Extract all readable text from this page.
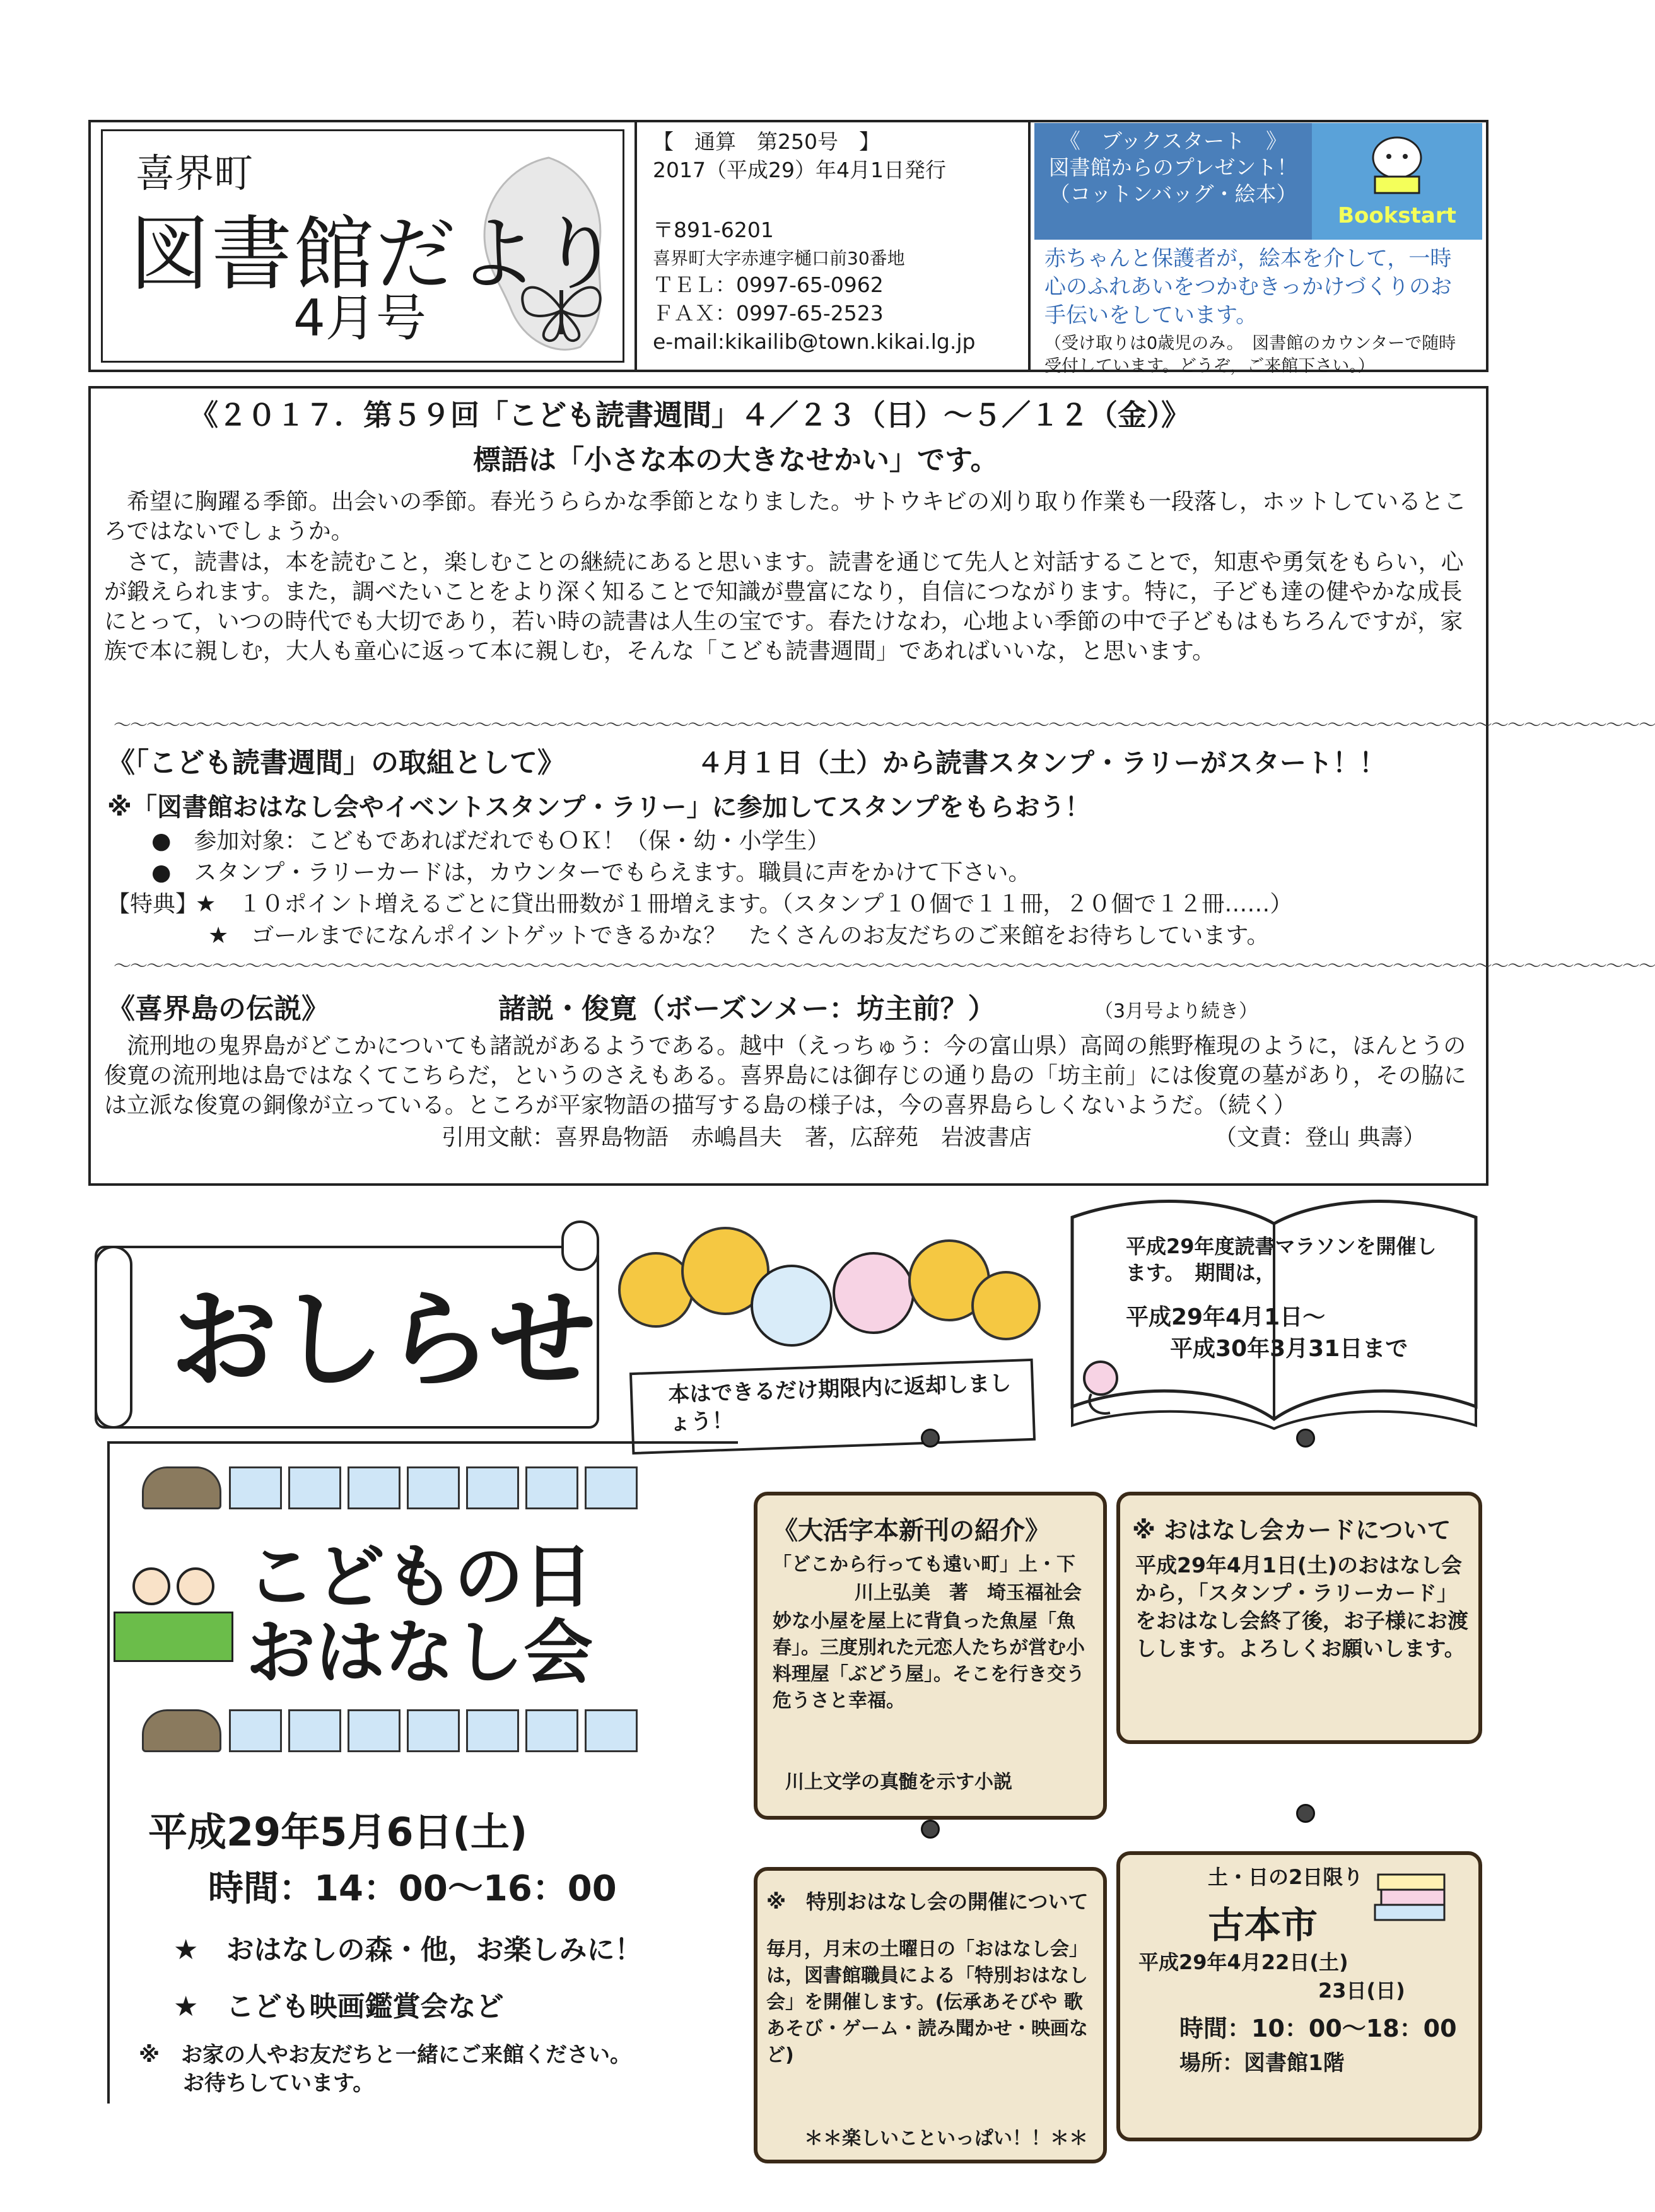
喜界町
図書館だより
4月号
【　通算　第250号　】
2017（平成29）年4月1日発行
〒891-6201
喜界町大字赤連字樋口前30番地
ＴＥＬ：0997-65-0962
ＦＡＸ：0997-65-2523
e-mail:kikailib@town.kikai.lg.jp
《　ブックスタート　》
図書館からのプレゼント！
（コットンバッグ・絵本）
Bookstart
赤ちゃんと保護者が，絵本を介して，一時心のふれあいをつかむきっかけづくりのお手伝いをしています。
（受け取りは0歳児のみ。　図書館のカウンターで随時受付しています。どうぞ，ご来館下さい。）
《２０１７．第５９回「こども読書週間」４／２３（日）～５／１２（金）》
標語は「小さな本の大きなせかい」です。
　希望に胸躍る季節。出会いの季節。春光うららかな季節となりました。サトウキビの刈り取り作業も一段落し，ホットしているところではないでしょうか。
　さて，読書は，本を読むこと，楽しむことの継続にあると思います。読書を通じて先人と対話することで，知恵や勇気をもらい，心が鍛えられます。また，調べたいことをより深く知ることで知識が豊富になり，自信につながります。特に，子ども達の健やかな成長にとって，いつの時代でも大切であり，若い時の読書は人生の宝です。春たけなわ，心地よい季節の中で子どもはもちろんですが，家族で本に親しむ，大人も童心に返って本に親しむ，そんな「こども読書週間」であればいいな，と思います。
～～～～～～～～～～～～～～～～～～～～～～～～～～～～～～～～～～～～～～～～～～～～～～～～～～～～～～～～～～～～～～～～～～～～～～～～～～～～～～～～～～～～～～～～～～～～～～
《「こども読書週間」の取組として》	４月１日（土）から読書スタンプ・ラリーがスタート！！
※「図書館おはなし会やイベントスタンプ・ラリー」に参加してスタンプをもらおう！
●　参加対象：こどもであればだれでもＯＫ！（保・幼・小学生）
●　スタンプ・ラリーカードは，カウンターでもらえます。職員に声をかけて下さい。
【特典】
★　１０ポイント増えるごとに貸出冊数が１冊増えます。（スタンプ１０個で１１冊，２０個で１２冊……）
★　ゴールまでになんポイントゲットできるかな？　たくさんのお友だちのご来館をお待ちしています。
～～～～～～～～～～～～～～～～～～～～～～～～～～～～～～～～～～～～～～～～～～～～～～～～～～～～～～～～～～～～～～～～～～～～～～～～～～～～～～～～～～～～～～～～～～～～～～
《喜界島の伝説》	諸説・俊寛（ボーズンメー：坊主前？）	（3月号より続き）
　流刑地の鬼界島がどこかについても諸説があるようである。越中（えっちゅう：今の富山県）高岡の熊野権現のように，ほんとうの俊寛の流刑地は島ではなくてこちらだ，というのさえもある。喜界島には御存じの通り島の「坊主前」には俊寛の墓があり，その脇には立派な俊寛の銅像が立っている。ところが平家物語の描写する島の様子は，今の喜界島らしくないようだ。（続く）
引用文献：喜界島物語　赤嶋昌夫　著，広辞苑　岩波書店	（文責：登山 典壽）
おしらせ	本はできるだけ期限内に返却しましょう！
平成29年度読書マラソンを開催します。　期間は，
平成29年4月1日～
平成30年3月31日まで
こどもの日
おはなし会
平成29年5月6日(土)
時間：14：00～16：00
★　おはなしの森・他，お楽しみに！
★　こども映画鑑賞会など
※　お家の人やお友だちと一緒にご来館ください。
お待ちしています。
《大活字本新刊の紹介》
「どこから行っても遠い町」上・下
川上弘美　著　埼玉福祉会
妙な小屋を屋上に背負った魚屋「魚春」。三度別れた元恋人たちが営む小料理屋「ぶどう屋」。そこを行き交う危うさと幸福。
川上文学の真髄を示す小説
※ おはなし会カードについて
平成29年4月1日(土)のおはなし会から，「スタンプ・ラリーカード」をおはなし会終了後，お子様にお渡しします。よろしくお願いします。
※　特別おはなし会の開催について
毎月，月末の土曜日の「おはなし会」は，図書館職員による「特別おはなし会」を開催します。(伝承あそびや 歌あそび・ゲーム・読み聞かせ・映画など)
＊＊楽しいこといっぱい！！＊＊
土・日の2日限り
古本市
平成29年4月22日(土)
23日(日)
時間：10：00～18：00
場所：図書館1階
